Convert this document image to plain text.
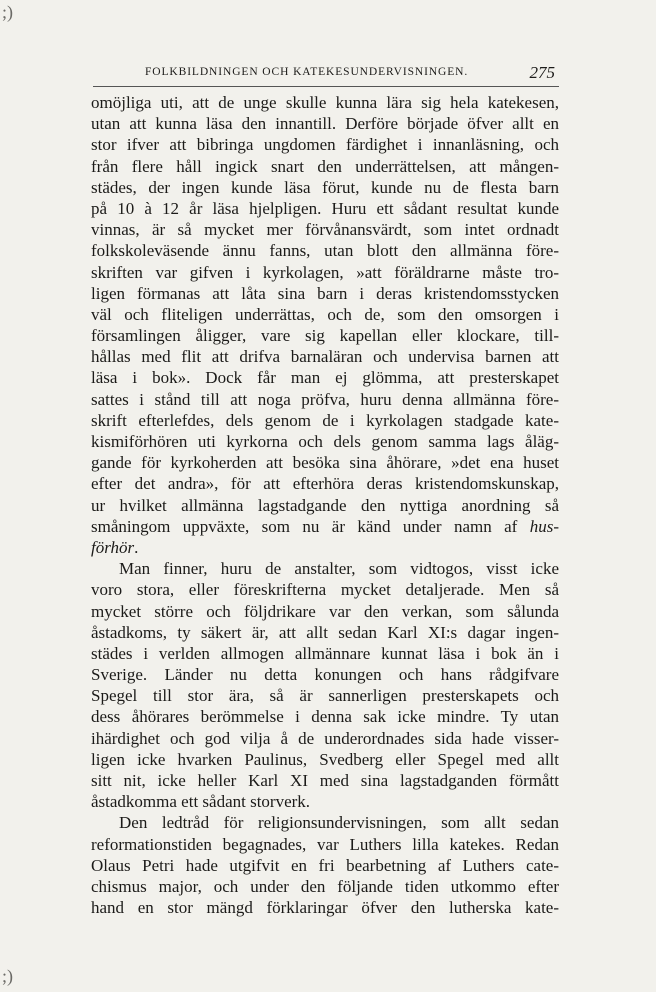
;)
;)
FOLKBILDNINGEN OCH KATEKESUNDERVISNINGEN.	275
omöjliga uti, att de unge skulle kunna lära sig hela katekesen,
utan att kunna läsa den innantill. Derföre började öfver allt en
stor ifver att bibringa ungdomen färdighet i innanläsning, och
från flere håll ingick snart den underrättelsen, att mången-
städes, der ingen kunde läsa förut, kunde nu de flesta barn
på 10 à 12 år läsa hjelpligen. Huru ett sådant resultat kunde
vinnas, är så mycket mer förvånansvärdt, som intet ordnadt
folkskoleväsende ännu fanns, utan blott den allmänna före-
skriften var gifven i kyrkolagen, »att föräldrarne måste tro-
ligen förmanas att låta sina barn i deras kristendomsstycken
väl och fliteligen underrättas, och de, som den omsorgen i
församlingen åligger, vare sig kapellan eller klockare, till-
hållas med flit att drifva barnaläran och undervisa barnen att
läsa i bok». Dock får man ej glömma, att presterskapet
sattes i stånd till att noga pröfva, huru denna allmänna före-
skrift efterlefdes, dels genom de i kyrkolagen stadgade kate-
kismiförhören uti kyrkorna och dels genom samma lags åläg-
gande för kyrkoherden att besöka sina åhörare, »det ena huset
efter det andra», för att efterhöra deras kristendomskunskap,
ur hvilket allmänna lagstadgande den nyttiga anordning så
småningom uppväxte, som nu är känd under namn af hus-
förhör.
Man finner, huru de anstalter, som vidtogos, visst icke
voro stora, eller föreskrifterna mycket detaljerade. Men så
mycket större och följdrikare var den verkan, som sålunda
åstadkoms, ty säkert är, att allt sedan Karl XI:s dagar ingen-
städes i verlden allmogen allmännare kunnat läsa i bok än i
Sverige. Länder nu detta konungen och hans rådgifvare
Spegel till stor ära, så är sannerligen presterskapets och
dess åhörares berömmelse i denna sak icke mindre. Ty utan
ihärdighet och god vilja å de underordnades sida hade visser-
ligen icke hvarken Paulinus, Svedberg eller Spegel med allt
sitt nit, icke heller Karl XI med sina lagstadganden förmått
åstadkomma ett sådant storverk.
Den ledtråd för religionsundervisningen, som allt sedan
reformationstiden begagnades, var Luthers lilla katekes. Redan
Olaus Petri hade utgifvit en fri bearbetning af Luthers cate-
chismus major, och under den följande tiden utkommo efter
hand en stor mängd förklaringar öfver den lutherska kate-
